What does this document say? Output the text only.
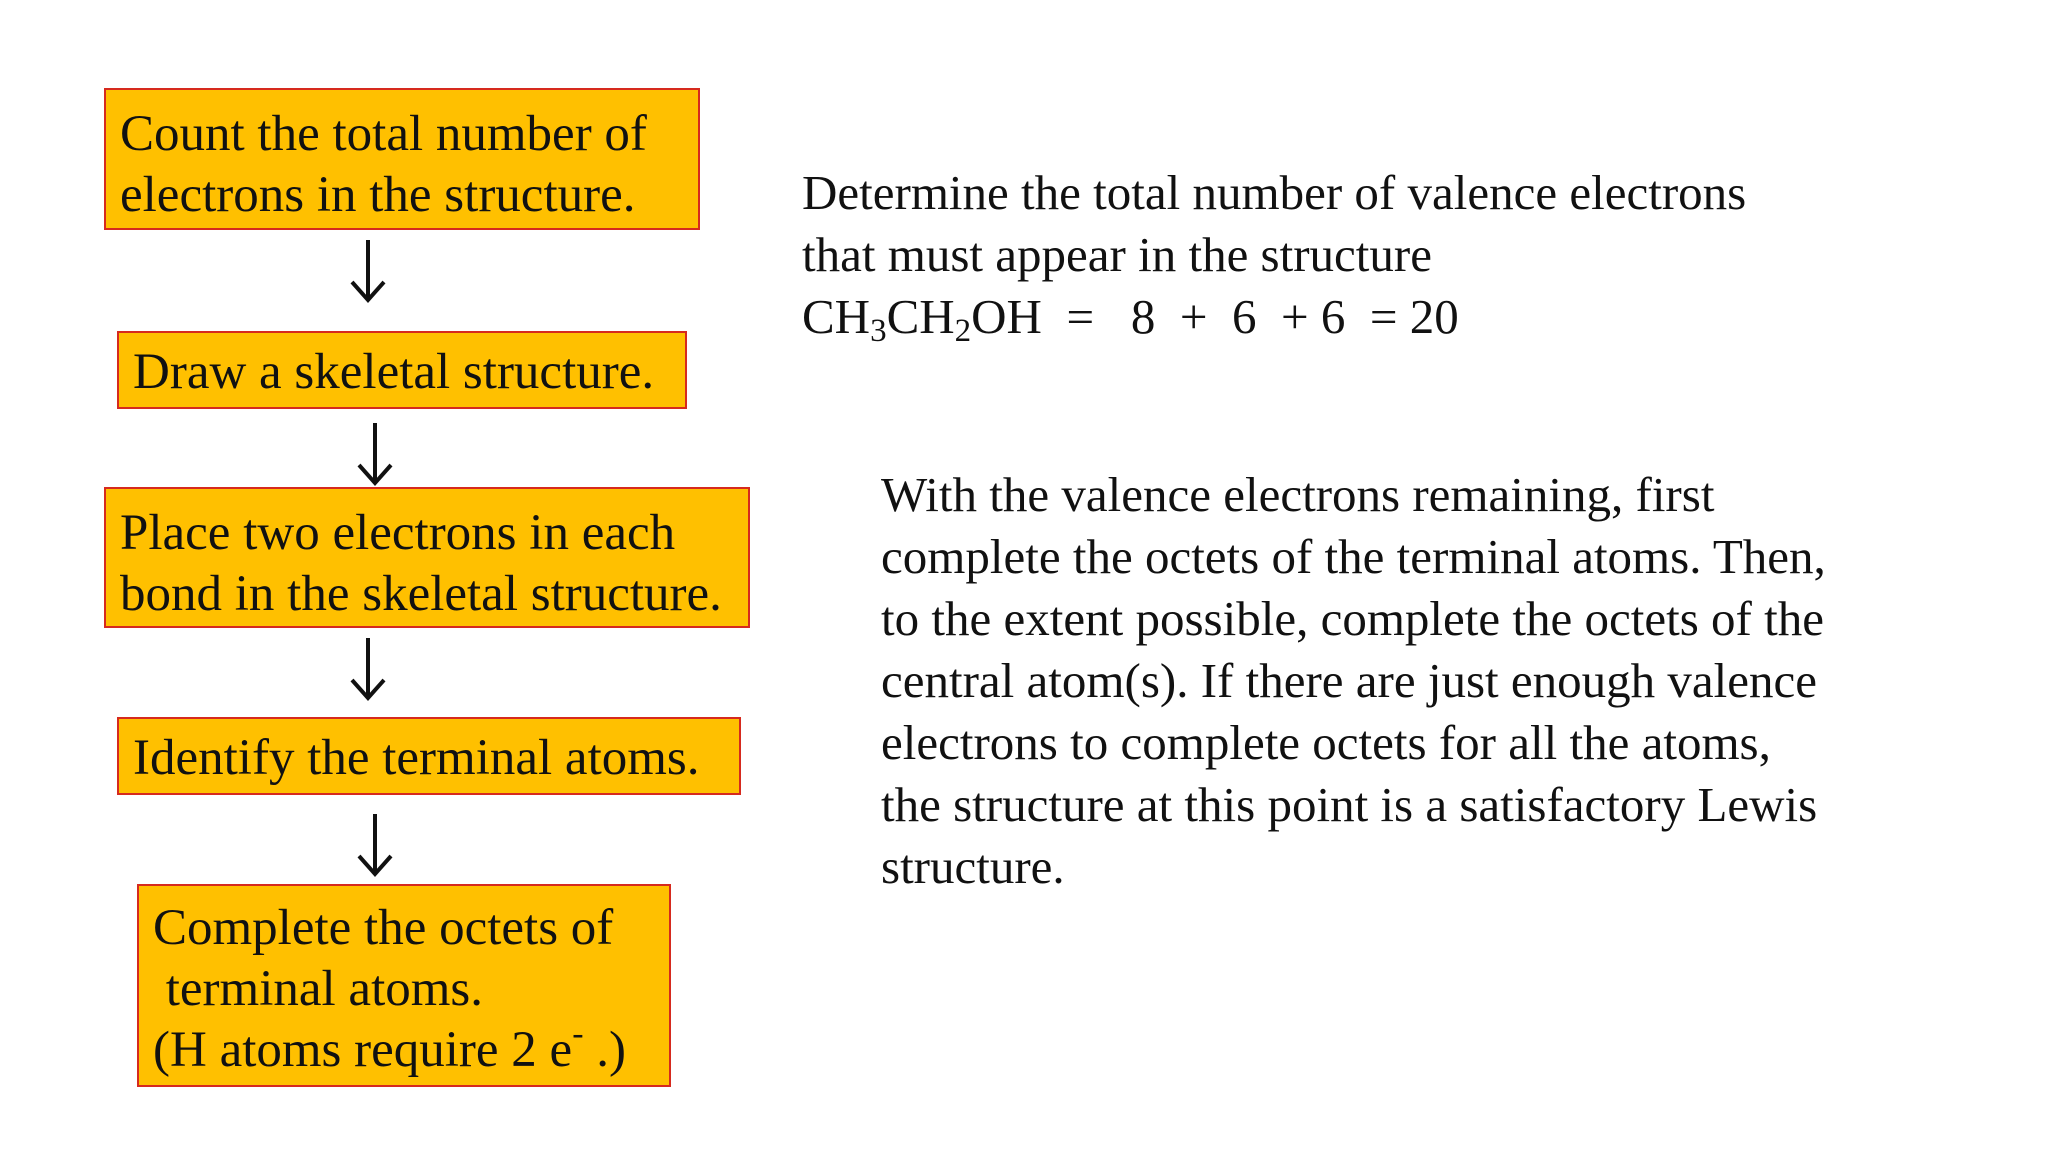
Count the total number of
electrons in the structure.
Draw a skeletal structure.
Place two electrons in each
bond in the skeletal structure.
Identify the terminal atoms.
Complete the octets of
terminal atoms.
(H atoms require 2 e- .)
Determine the total number of valence electrons
that must appear in the structure
$CH_3CH_2OH = 8 + 6 + 6 = 20$
With the valence electrons remaining, first
complete the octets of the terminal atoms. Then,
to the extent possible, complete the octets of the
central atom(s). If there are just enough valence
electrons to complete octets for all the atoms,
the structure at this point is a satisfactory Lewis
structure.
